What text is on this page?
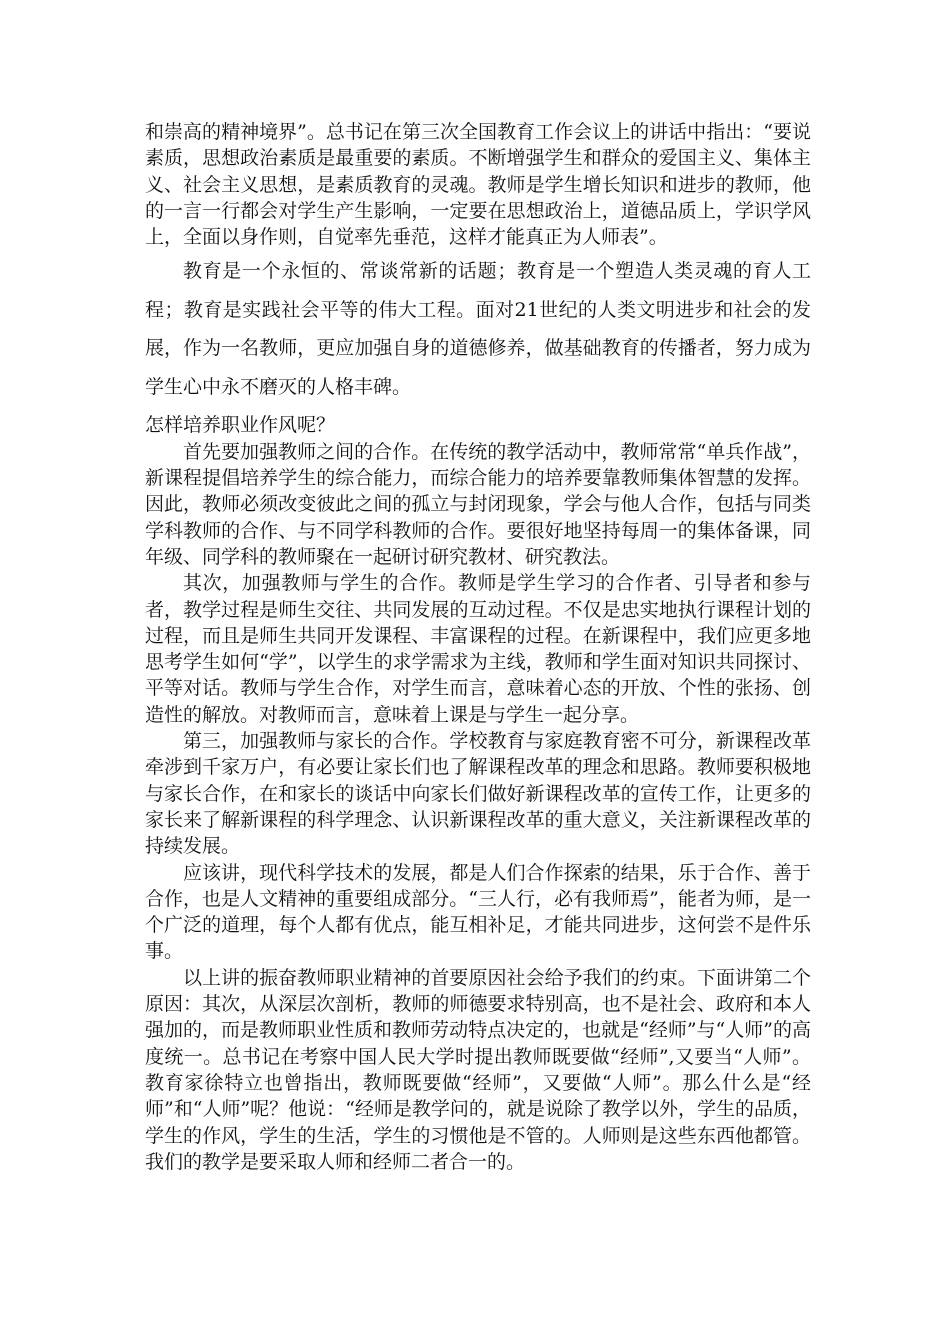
和崇高的精神境界”。总书记在第三次全国教育工作会议上的讲话中指出：“要说素质，思想政治素质是最重要的素质。不断增强学生和群众的爱国主义、集体主义、社会主义思想，是素质教育的灵魂。教师是学生增长知识和进步的教师，他的一言一行都会对学生产生影响，一定要在思想政治上，道德品质上，学识学风上，全面以身作则，自觉率先垂范，这样才能真正为人师表”。

教育是一个永恒的、常谈常新的话题；教育是一个塑造人类灵魂的育人工程；教育是实践社会平等的伟大工程。面对21世纪的人类文明进步和社会的发展，作为一名教师，更应加强自身的道德修养，做基础教育的传播者，努力成为学生心中永不磨灭的人格丰碑。

怎样培养职业作风呢？

首先要加强教师之间的合作。在传统的教学活动中，教师常常“单兵作战”，新课程提倡培养学生的综合能力，而综合能力的培养要靠教师集体智慧的发挥。因此，教师必须改变彼此之间的孤立与封闭现象，学会与他人合作，包括与同类学科教师的合作、与不同学科教师的合作。要很好地坚持每周一的集体备课，同年级、同学科的教师聚在一起研讨研究教材、研究教法。

其次，加强教师与学生的合作。教师是学生学习的合作者、引导者和参与者，教学过程是师生交往、共同发展的互动过程。不仅是忠实地执行课程计划的过程，而且是师生共同开发课程、丰富课程的过程。在新课程中，我们应更多地思考学生如何“学”，以学生的求学需求为主线，教师和学生面对知识共同探讨、平等对话。教师与学生合作，对学生而言，意味着心态的开放、个性的张扬、创造性的解放。对教师而言，意味着上课是与学生一起分享。

第三，加强教师与家长的合作。学校教育与家庭教育密不可分，新课程改革牵涉到千家万户，有必要让家长们也了解课程改革的理念和思路。教师要积极地与家长合作，在和家长的谈话中向家长们做好新课程改革的宣传工作，让更多的家长来了解新课程的科学理念、认识新课程改革的重大意义，关注新课程改革的持续发展。

应该讲，现代科学技术的发展，都是人们合作探索的结果，乐于合作、善于合作，也是人文精神的重要组成部分。“三人行，必有我师焉”，能者为师，是一个广泛的道理，每个人都有优点，能互相补足，才能共同进步，这何尝不是件乐事。

以上讲的振奋教师职业精神的首要原因社会给予我们的约束。下面讲第二个原因：其次，从深层次剖析，教师的师德要求特别高，也不是社会、政府和本人强加的，而是教师职业性质和教师劳动特点决定的，也就是“经师”与“人师”的高度统一。总书记在考察中国人民大学时提出教师既要做“经师”,又要当“人师”。教育家徐特立也曾指出，教师既要做“经师”，又要做“人师”。那么什么是“经师”和“人师”呢？他说：“经师是教学问的，就是说除了教学以外，学生的品质，学生的作风，学生的生活，学生的习惯他是不管的。人师则是这些东西他都管。我们的教学是要采取人师和经师二者合一的。
